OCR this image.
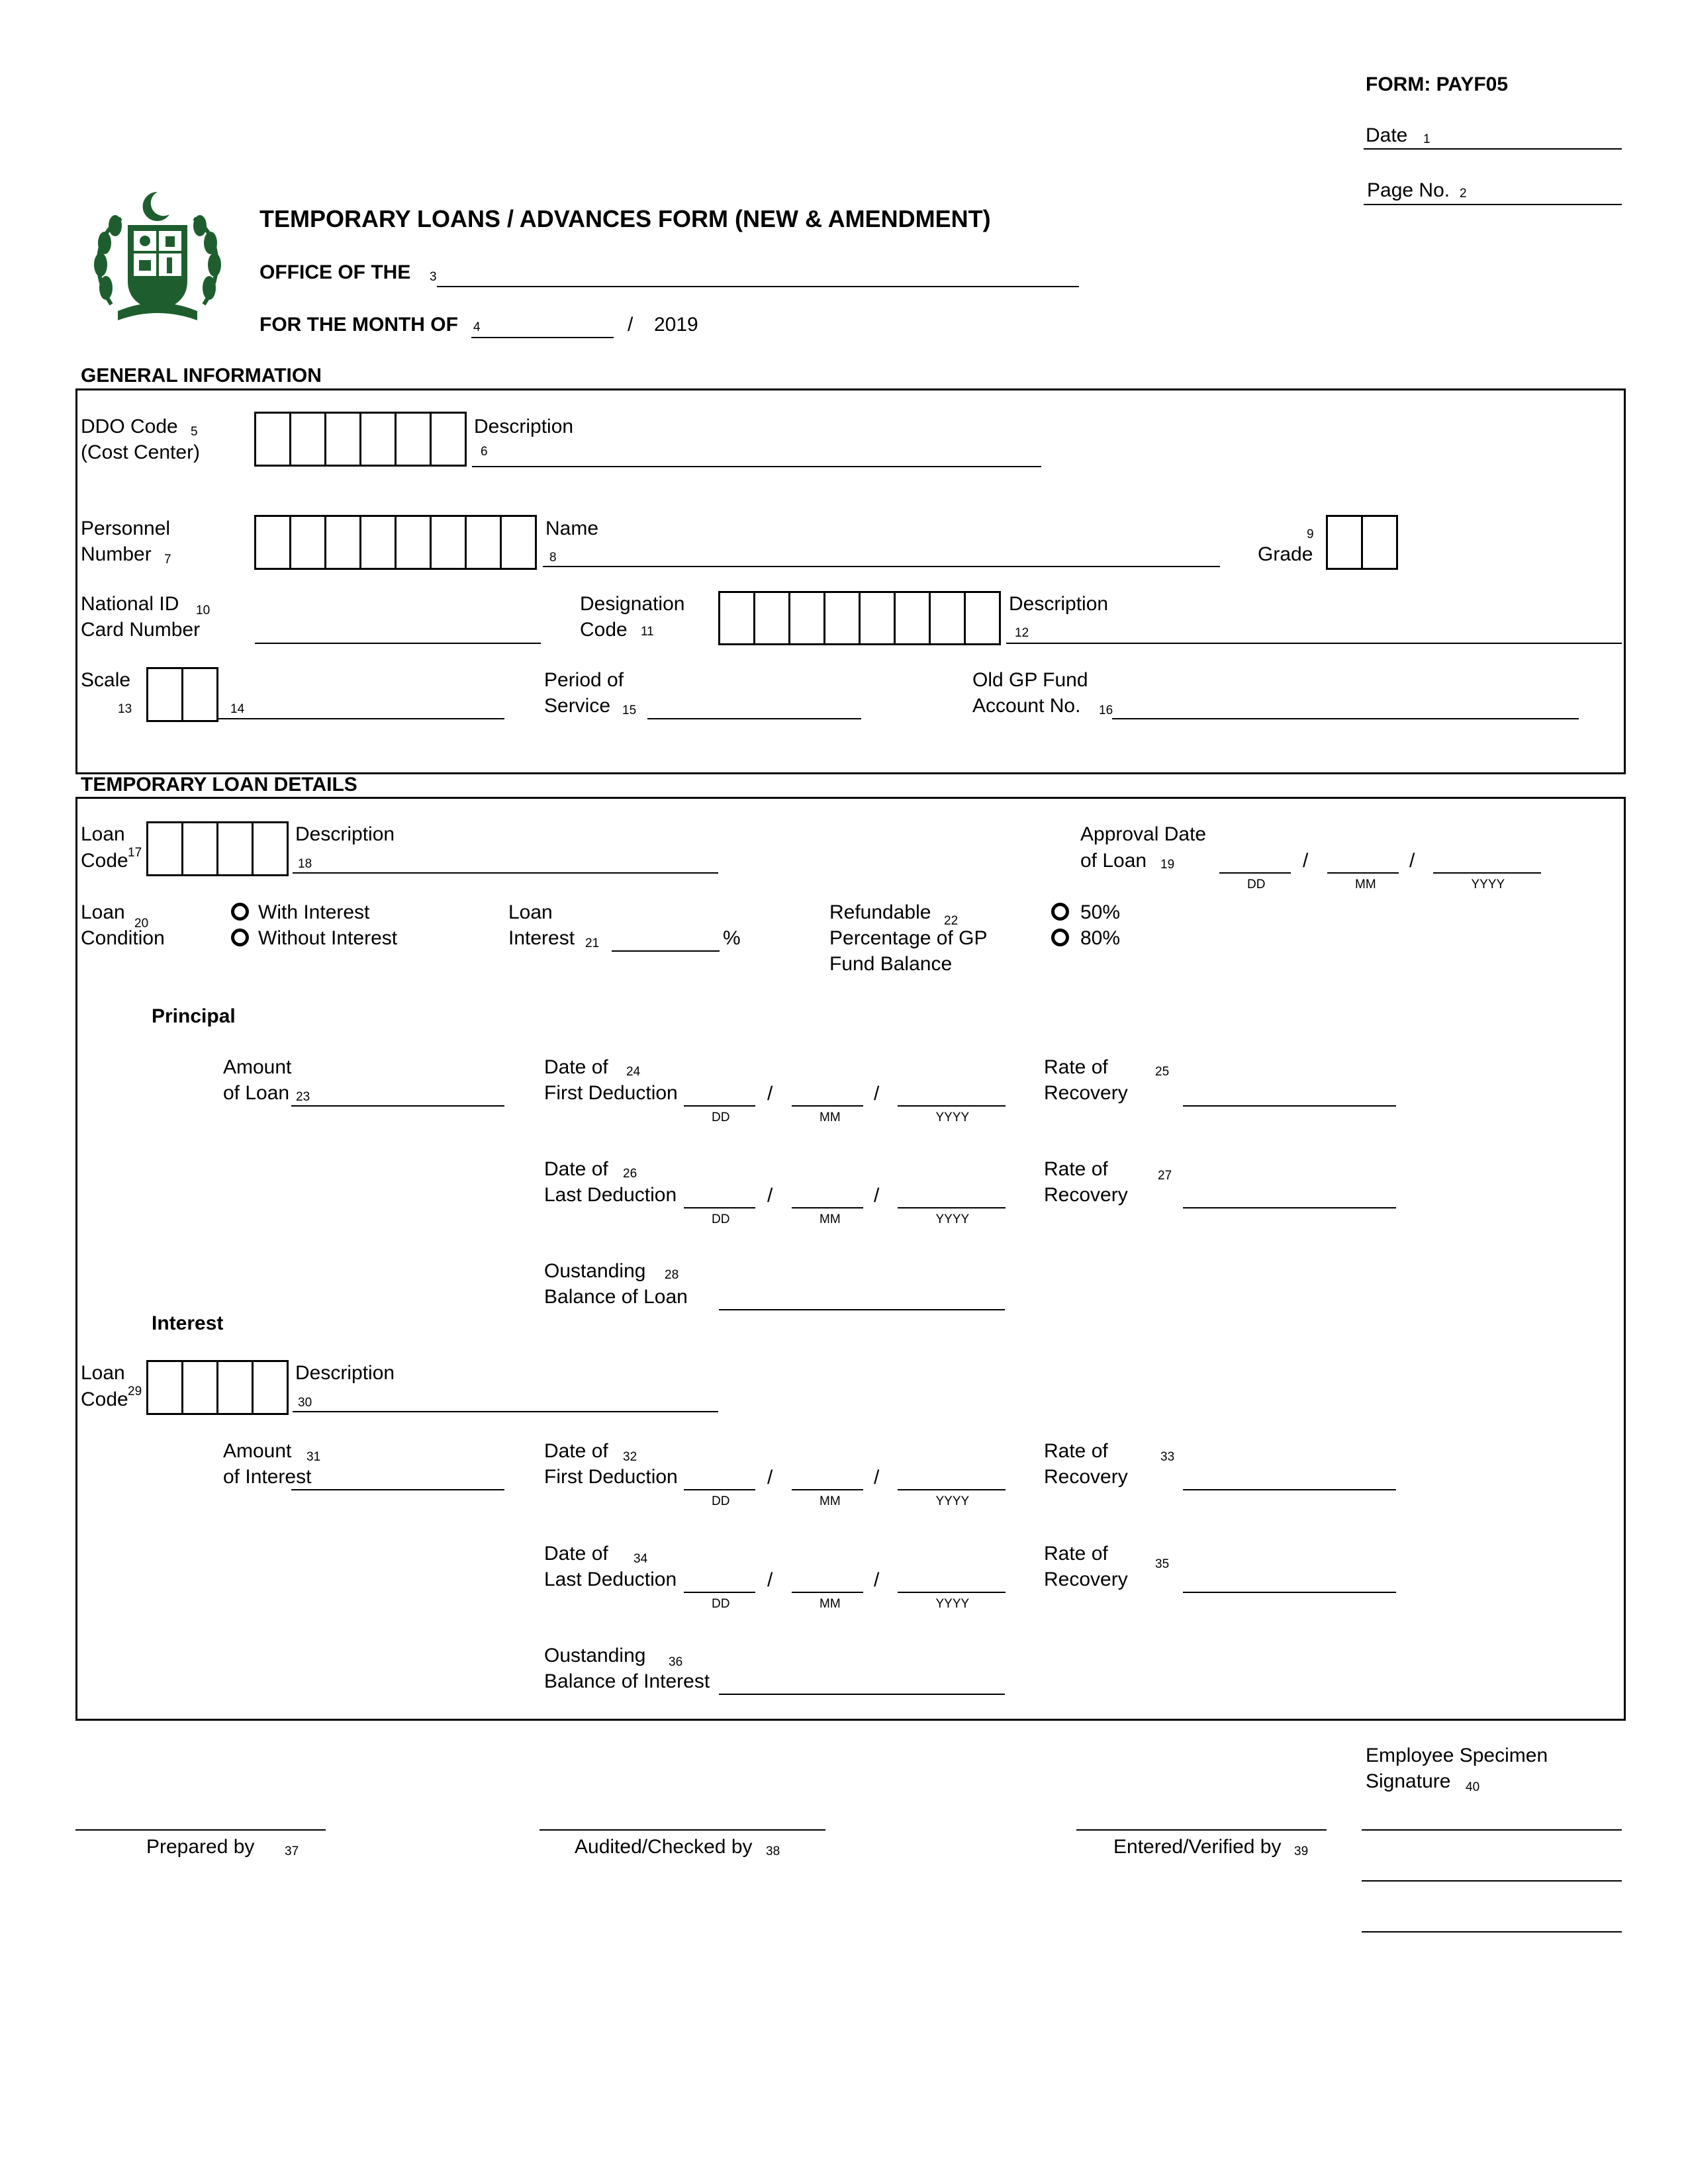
FORM: PAYF05
Date 1
Page No. 2
TEMPORARY LOANS / ADVANCES FORM (NEW & AMENDMENT)
OFFICE OF THE 3
FOR THE MONTH OF 4	/ 2019
GENERAL INFORMATION
DDO Code 5
(Cost Center)
Description
6
Personnel
Number 7
Name
8
9
Grade
National ID 10
Card Number
Designation
Code 11
Description
12
Scale
13	14
Period of
Service 15
Old GP Fund
Account No. 16
TEMPORARY LOAN DETAILS
Loan
Code 17
Description
18
Approval Date
of Loan 19
DD	MM	YYYY
/	/
Loan
20
Condition
With Interest
Without Interest
Loan
Interest 21	%
Refundable 22
Percentage of GP
Fund Balance
50%
80%
Principal
Amount
of Loan 23
Date of 24
First Deduction
DD	MM	YYYY
/	/
Rate of	25
Recovery
Date of 26
Last Deduction
DD	MM	YYYY
/	/
Rate of	27
Recovery
Oustanding 28
Balance of Loan
Interest
Loan
Code 29
Description
30
Amount 31
of Interest
Date of 32
First Deduction
DD	MM	YYYY
/	/
Rate of	33
Recovery
Date of 34
Last Deduction
DD	MM	YYYY
/	/
Rate of	35
Recovery
Oustanding 36
Balance of Interest
Employee Specimen
Signature 40
Prepared by 37	Audited/Checked by 38	Entered/Verified by 39
